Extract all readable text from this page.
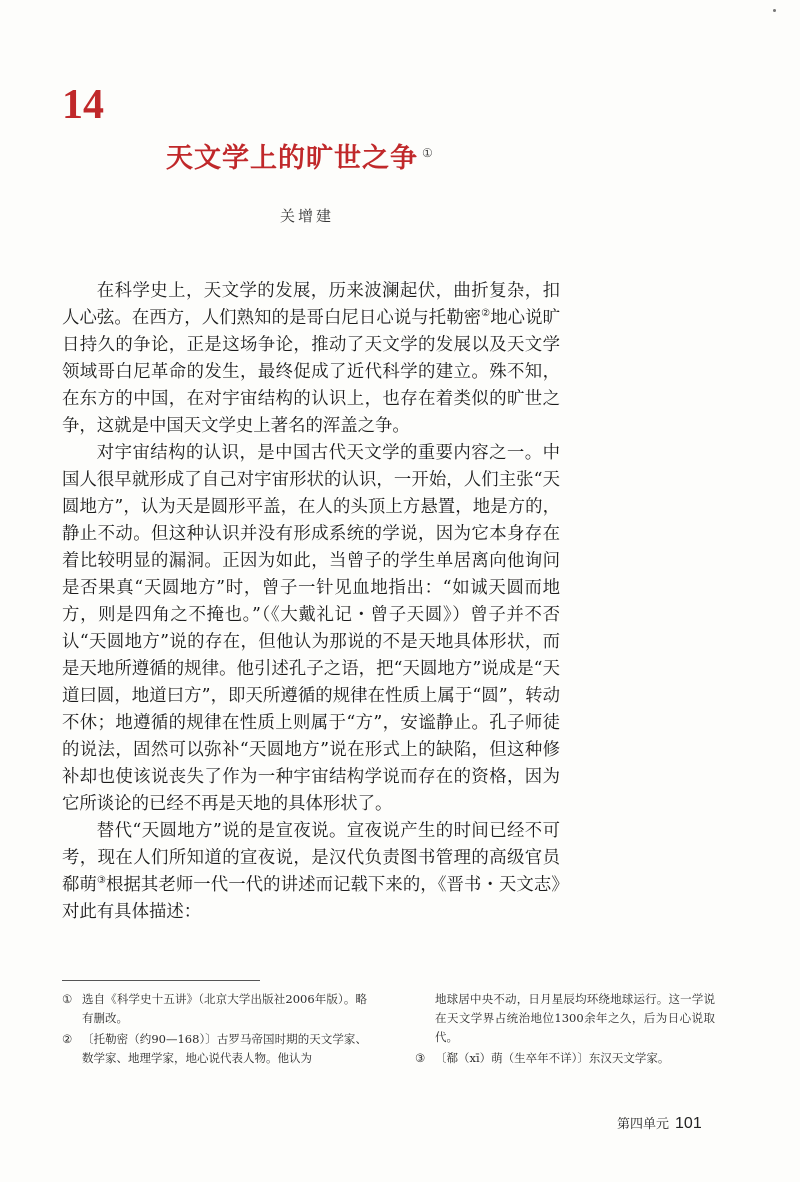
14
天文学上的旷世之争 ①
关增建

在科学史上，天文学的发展，历来波澜起伏，曲折复杂，扣人心弦。在西方，人们熟知的是哥白尼日心说与托勒密②地心说旷日持久的争论，正是这场争论，推动了天文学的发展以及天文学领域哥白尼革命的发生，最终促成了近代科学的建立。殊不知，在东方的中国，在对宇宙结构的认识上，也存在着类似的旷世之争，这就是中国天文学史上著名的浑盖之争。

对宇宙结构的认识，是中国古代天文学的重要内容之一。中国人很早就形成了自己对宇宙形状的认识，一开始，人们主张“天圆地方”，认为天是圆形平盖，在人的头顶上方悬置，地是方的，静止不动。但这种认识并没有形成系统的学说，因为它本身存在着比较明显的漏洞。正因为如此，当曾子的学生单居离向他询问是否果真“天圆地方”时，曾子一针见血地指出：“如诚天圆而地方，则是四角之不掩也。”（《大戴礼记・曾子天圆》）曾子并不否认“天圆地方”说的存在，但他认为那说的不是天地具体形状，而是天地所遵循的规律。他引述孔子之语，把“天圆地方”说成是“天道曰圆，地道曰方”，即天所遵循的规律在性质上属于“圆”，转动不休；地遵循的规律在性质上则属于“方”，安谧静止。孔子师徒的说法，固然可以弥补“天圆地方”说在形式上的缺陷，但这种修补却也使该说丧失了作为一种宇宙结构学说而存在的资格，因为它所谈论的已经不再是天地的具体形状了。

替代“天圆地方”说的是宣夜说。宣夜说产生的时间已经不可考，现在人们所知道的宣夜说，是汉代负责图书管理的高级官员郗萌③根据其老师一代一代的讲述而记载下来的，《晋书・天文志》对此有具体描述：

① 选自《科学史十五讲》（北京大学出版社2006年版）。略有删改。
② 〔托勒密（约90—168）〕古罗马帝国时期的天文学家、数学家、地理学家，地心说代表人物。他认为
地球居中央不动，日月星辰均环绕地球运行。这一学说在天文学界占统治地位1300余年之久，后为日心说取代。
③ 〔郗（xī）萌（生卒年不详）〕东汉天文学家。
第四单元 101
